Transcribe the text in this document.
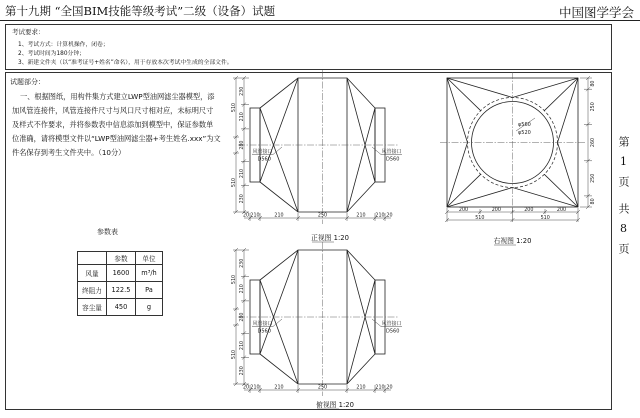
第十九期 “全国BIM技能等级考试”二级（设备）试题	中国图学学会
考试要求：
1、考试方式：计算机操作，闭卷；
2、考试时间为180分钟；
3、新建文件夹（以“准考证号+姓名”命名），用于存放本次考试中生成的全部文件。
试题部分：
一、根据图纸，用构件集方式建立LWP型油网滤尘器模型，添
加风管连接件，风管连接件尺寸与风口尺寸相对应，未标明尺寸
及样式不作要求，并将参数表中信息添加到模型中，保证参数单
位准确，请将模型文件以“LWP型油网滤尘器+考生姓名.xxx”为文
件名保存到考生文件夹中。（10分）	第1页
共8页
参数表
	参数	单位
风量	1600	m³/h
终阻力	122.5	Pa
容尘量	450	g
230
210
280
210
230
510
510
20 210	210	250	210 210 20
风管接口
D560
风管接口
D560
正视图 1:20
φ560
φ520
80
250
260
250
80
200	200	200	200
510	510
右视图 1:20
230
210
280
210
230
510
510
20 210	210	250	210 210 20
风管接口
D560
风管接口
D560
俯视图 1:20
